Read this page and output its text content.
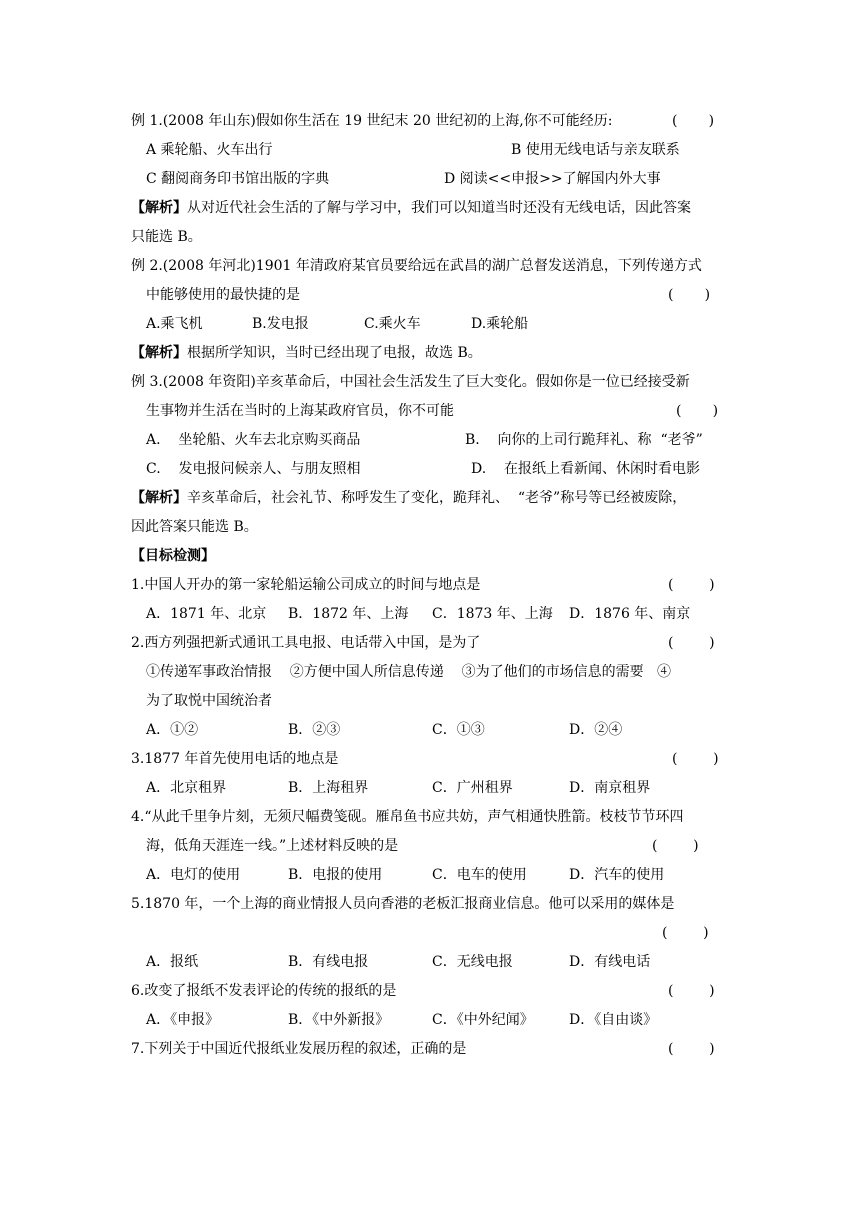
例 1.(2008 年山东)假如你生活在 19 世纪末 20 世纪初的上海,你不可能经历:	(       )
A 乘轮船、火车出行	B 使用无线电话与亲友联系
C 翻阅商务印书馆出版的字典	D 阅读<<申报>>了解国内外大事
【解析】从对近代社会生活的了解与学习中，我们可以知道当时还没有无线电话，因此答案
只能选 B。
例 2.(2008 年河北)1901 年清政府某官员要给远在武昌的湖广总督发送消息，下列传递方式
中能够使用的最快捷的是	(       )
A.乘飞机	B.发电报	C.乘火车	D.乘轮船
【解析】根据所学知识，当时已经出现了电报，故选 B。
例 3.(2008 年资阳)辛亥革命后，中国社会生活发生了巨大变化。假如你是一位已经接受新
生事物并生活在当时的上海某政府官员，你不可能	(       )
A.    坐轮船、火车去北京购买商品	B.    向你的上司行跪拜礼、称  “老爷”
C.    发电报问候亲人、与朋友照相	D.    在报纸上看新闻、休闲时看电影
【解析】辛亥革命后，社会礼节、称呼发生了变化，跪拜礼、  “老爷”称号等已经被废除，
因此答案只能选 B。
【目标检测】
1.中国人开办的第一家轮船运输公司成立的时间与地点是	(        )
A．1871 年、北京 B．1872 年、上海 C．1873 年、上海 D．1876 年、南京
2.西方列强把新式通讯工具电报、电话带入中国，是为了	(        )
①传递军事政治情报    ②方便中国人所信息传递    ③为了他们的市场信息的需要   ④
为了取悦中国统治者
A．①②	B．②③	C．①③	D．②④
3.1877 年首先使用电话的地点是	(        )
A．北京租界	B．上海租界	C．广州租界	D．南京租界
4.“从此千里争片刻，无须尺幅费笺砚。雁帛鱼书应共妨，声气相通快胜箭。枝枝节节环四
海，低角天涯连一线。”上述材料反映的是	(        )
A．电灯的使用	B．电报的使用	C．电车的使用	D．汽车的使用
5.1870 年，一个上海的商业情报人员向香港的老板汇报商业信息。他可以采用的媒体是
(        )
A．报纸	B．有线电报	C．无线电报	D．有线电话
6.改变了报纸不发表评论的传统的报纸的是	(        )
A．《申报》	B．《中外新报》	C．《中外纪闻》	D．《自由谈》
7.下列关于中国近代报纸业发展历程的叙述，正确的是	(        )
